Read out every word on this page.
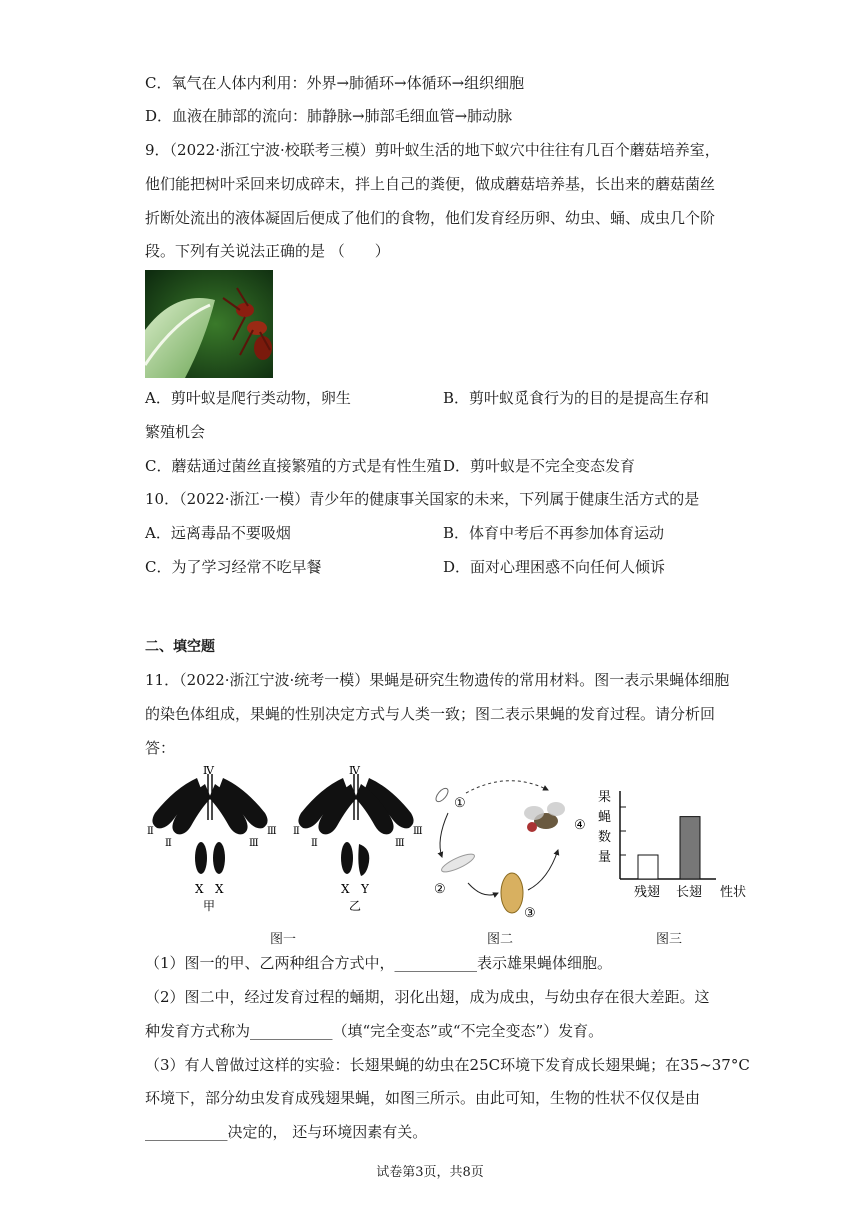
C．氧气在人体内利用：外界→肺循环→体循环→组织细胞
D．血液在肺部的流向：肺静脉→肺部毛细血管→肺动脉
9．（2022·浙江宁波·校联考三模）剪叶蚁生活的地下蚁穴中往往有几百个蘑菇培养室，
他们能把树叶采回来切成碎末，拌上自己的粪便，做成蘑菇培养基，长出来的蘑菇菌丝
折断处流出的液体凝固后便成了他们的食物，他们发育经历卵、幼虫、蛹、成虫几个阶
段。下列有关说法正确的是 （　　）
A．剪叶蚁是爬行类动物，卵生	B．剪叶蚁觅食行为的目的是提高生存和
繁殖机会
C．蘑菇通过菌丝直接繁殖的方式是有性生殖 D．剪叶蚁是不完全变态发育
10．（2022·浙江·一模）青少年的健康事关国家的未来，下列属于健康生活方式的是
A．远离毒品不要吸烟	B．体育中考后不再参加体育运动
C．为了学习经常不吃早餐	D．面对心理困惑不向任何人倾诉
二、填空题
11．（2022·浙江宁波·统考一模）果蝇是研究生物遗传的常用材料。图一表示果蝇体细胞
的染色体组成，果蝇的性别决定方式与人类一致；图二表示果蝇的发育过程。请分析回
答：
Ⅳ
Ⅱ
Ⅱ
Ⅲ
Ⅲ
X X
甲
Ⅳ
Ⅱ
Ⅱ
Ⅲ
Ⅲ
X Y
乙
①
②
③
④
果
蝇
数
量
残翅 长翅 性状
图一	图二	图三
（1）图一的甲、乙两种组合方式中，___________表示雄果蝇体细胞。
（2）图二中，经过发育过程的蛹期，羽化出翅，成为成虫，与幼虫存在很大差距。这
种发育方式称为___________（填“完全变态”或“不完全变态”）发育。
（3）有人曾做过这样的实验：长翅果蝇的幼虫在25C环境下发育成长翅果蝇；在35~37°C
环境下，部分幼虫发育成残翅果蝇，如图三所示。由此可知，生物的性状不仅仅是由
___________决定的， 还与环境因素有关。
试卷第3页，共8页
